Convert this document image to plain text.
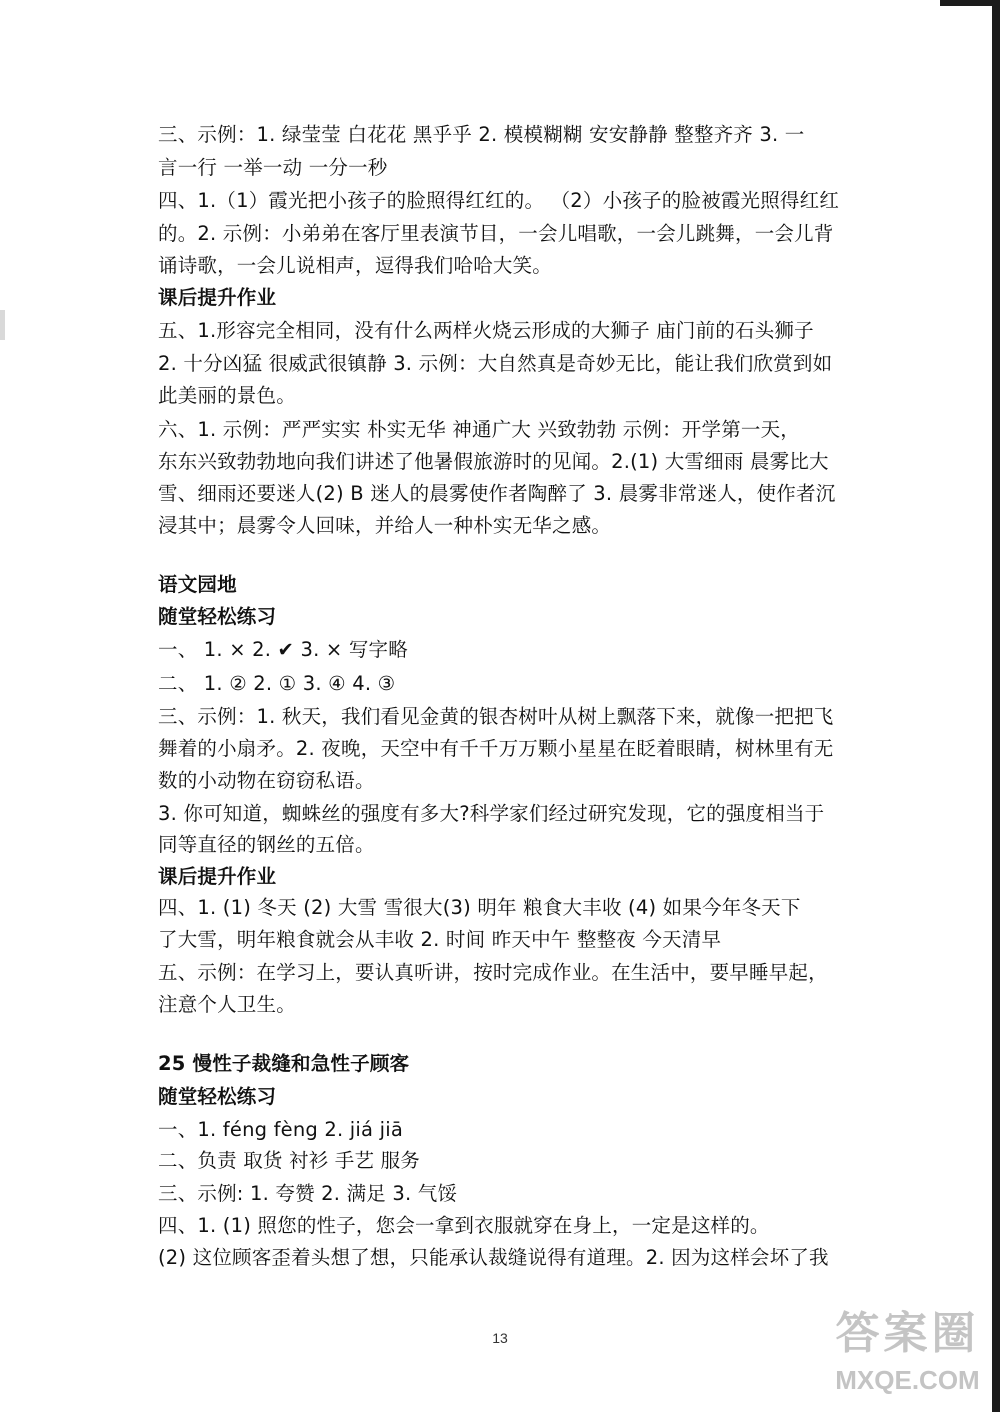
三、示例：1. 绿莹莹 白花花 黑乎乎 2. 模模糊糊 安安静静 整整齐齐 3. 一
言一行 一举一动 一分一秒
四、1.（1）霞光把小孩子的脸照得红红的。 （2）小孩子的脸被霞光照得红红
的。2. 示例：小弟弟在客厅里表演节目，一会儿唱歌，一会儿跳舞，一会儿背
诵诗歌，一会儿说相声，逗得我们哈哈大笑。
课后提升作业
五、1.形容完全相同，没有什么两样火烧云形成的大狮子 庙门前的石头狮子
2. 十分凶猛 很威武很镇静 3. 示例：大自然真是奇妙无比，能让我们欣赏到如
此美丽的景色。
六、1. 示例：严严实实 朴实无华 神通广大 兴致勃勃 示例：开学第一天，
东东兴致勃勃地向我们讲述了他暑假旅游时的见闻。2.(1) 大雪细雨 晨雾比大
雪、细雨还要迷人(2) B 迷人的晨雾使作者陶醉了 3. 晨雾非常迷人，使作者沉
浸其中；晨雾令人回味，并给人一种朴实无华之感。
语文园地
随堂轻松练习
一、 1. × 2. ✔ 3. × 写字略
二、 1. ② 2. ① 3. ④ 4. ③
三、示例：1. 秋天，我们看见金黄的银杏树叶从树上飘落下来，就像一把把飞
舞着的小扇矛。2. 夜晚，天空中有千千万万颗小星星在眨着眼睛，树林里有无
数的小动物在窃窃私语。
3. 你可知道，蜘蛛丝的强度有多大?科学家们经过研究发现，它的强度相当于
同等直径的钢丝的五倍。
课后提升作业
四、1. (1) 冬天 (2) 大雪 雪很大(3) 明年 粮食大丰收 (4) 如果今年冬天下
了大雪，明年粮食就会从丰收 2. 时间 昨天中午 整整夜 今天清早
五、示例：在学习上，要认真听讲，按时完成作业。在生活中，要早睡早起，
注意个人卫生。
25 慢性子裁缝和急性子顾客
随堂轻松练习
一、1. féng fèng 2. jiá jiā
二、负责 取货 衬衫 手艺 服务
三、示例: 1. 夸赞 2. 满足 3. 气馁
四、1. (1) 照您的性子，您会一拿到衣服就穿在身上，一定是这样的。
(2) 这位顾客歪着头想了想，只能承认裁缝说得有道理。2. 因为这样会坏了我
13	答案圈
MXQE.COM
